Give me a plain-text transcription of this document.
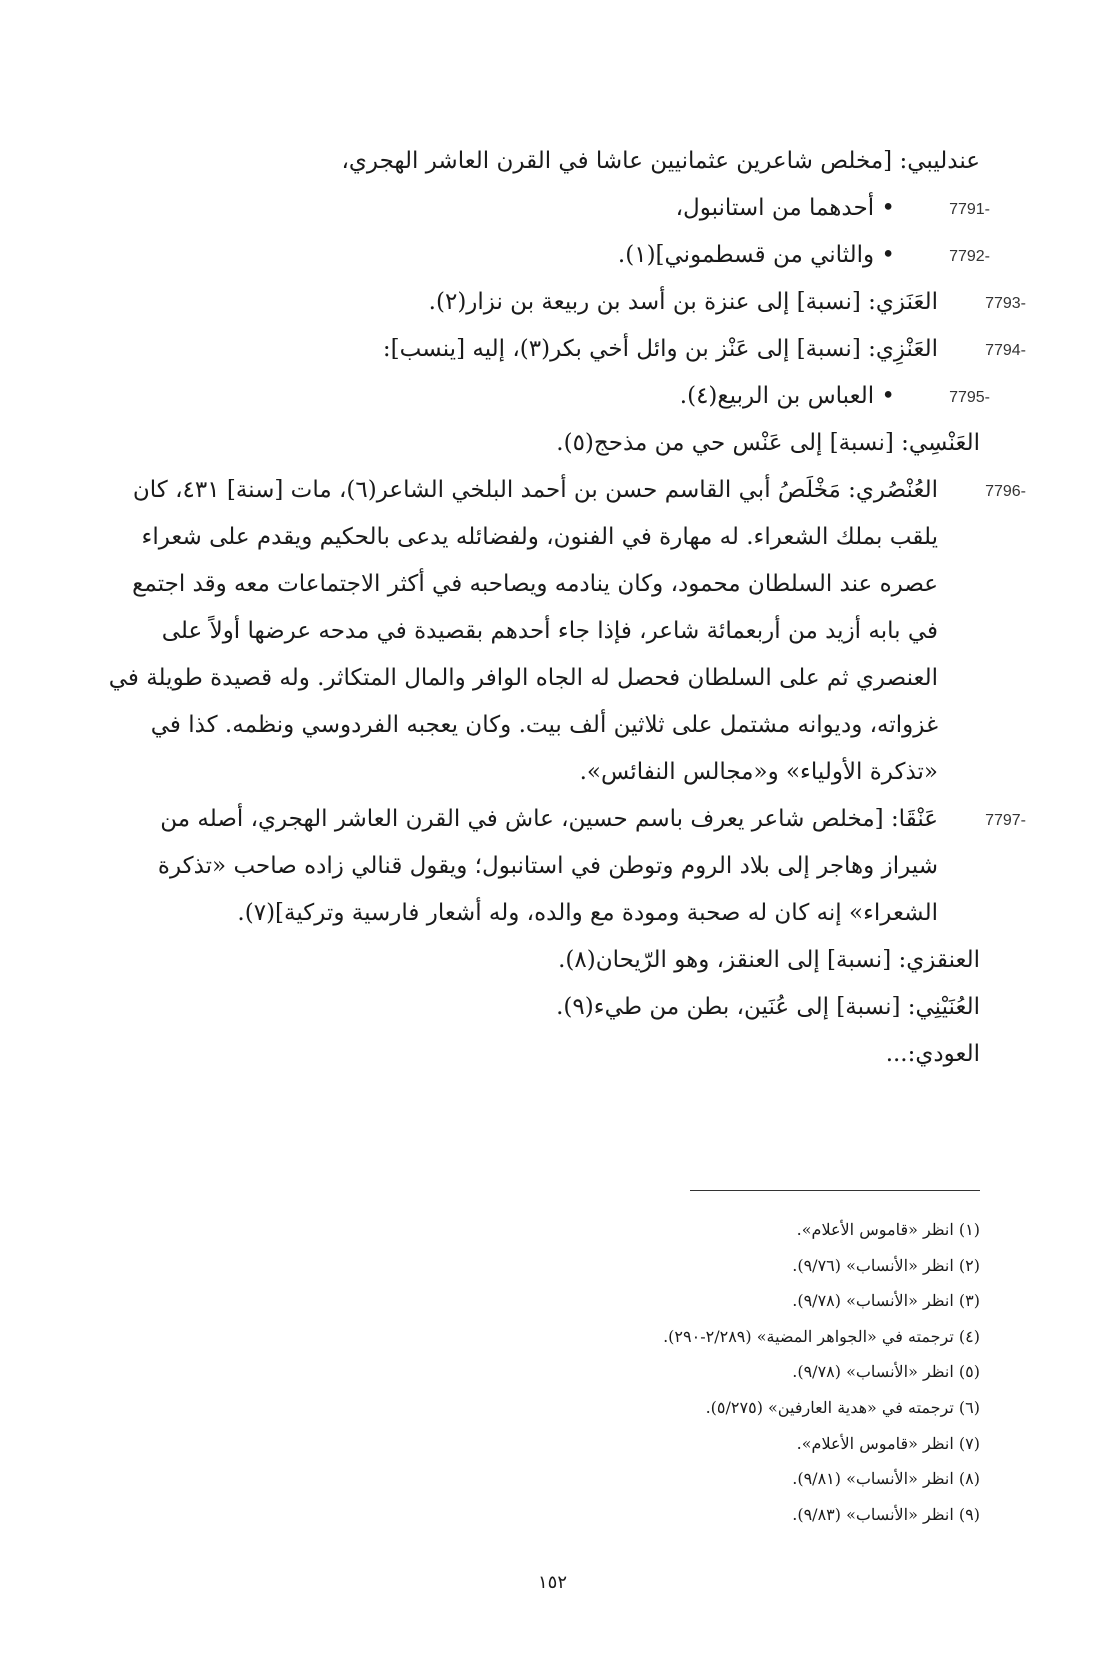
عندليبي: [مخلص شاعرين عثمانيين عاشا في القرن العاشر الهجري،

-7791
• أحدهما من استانبول،

-7792
• والثاني من قسطموني](١).

-7793
العَنَزي: [نسبة] إلى عنزة بن أسد بن ربيعة بن نزار(٢).

-7794
العَنْزِي: [نسبة] إلى عَنْز بن وائل أخي بكر(٣)، إليه [ينسب]:

-7795
• العباس بن الربيع(٤).

العَنْسِي: [نسبة] إلى عَنْس حي من مذحج(٥).

-7796
العُنْصُري: مَخْلَصُ أبي القاسم حسن بن أحمد البلخي الشاعر(٦)، مات [سنة] ٤٣١، كان يلقب بملك الشعراء. له مهارة في الفنون، ولفضائله يدعى بالحكيم ويقدم على شعراء عصره عند السلطان محمود، وكان ينادمه ويصاحبه في أكثر الاجتماعات معه وقد اجتمع في بابه أزيد من أربعمائة شاعر، فإذا جاء أحدهم بقصيدة في مدحه عرضها أولاً على العنصري ثم على السلطان فحصل له الجاه الوافر والمال المتكاثر. وله قصيدة طويلة في غزواته، وديوانه مشتمل على ثلاثين ألف بيت. وكان يعجبه الفردوسي ونظمه. كذا في «تذكرة الأولياء» و«مجالس النفائس».

-7797
عَنْقَا: [مخلص شاعر يعرف باسم حسين، عاش في القرن العاشر الهجري، أصله من شيراز وهاجر إلى بلاد الروم وتوطن في استانبول؛ ويقول قنالي زاده صاحب «تذكرة الشعراء» إنه كان له صحبة ومودة مع والده، وله أشعار فارسية وتركية](٧).

العنقزي: [نسبة] إلى العنقز، وهو الرّيحان(٨).

العُنَيْنِي: [نسبة] إلى عُنَين، بطن من طيء(٩).

العودي:...

(١) انظر «قاموس الأعلام».

(٢) انظر «الأنساب» (٩/٧٦).

(٣) انظر «الأنساب» (٩/٧٨).

(٤) ترجمته في «الجواهر المضية» (٢/٢٨٩-٢٩٠).

(٥) انظر «الأنساب» (٩/٧٨).

(٦) ترجمته في «هدية العارفين» (٥/٢٧٥).

(٧) انظر «قاموس الأعلام».

(٨) انظر «الأنساب» (٩/٨١).

(٩) انظر «الأنساب» (٩/٨٣).

١٥٢
